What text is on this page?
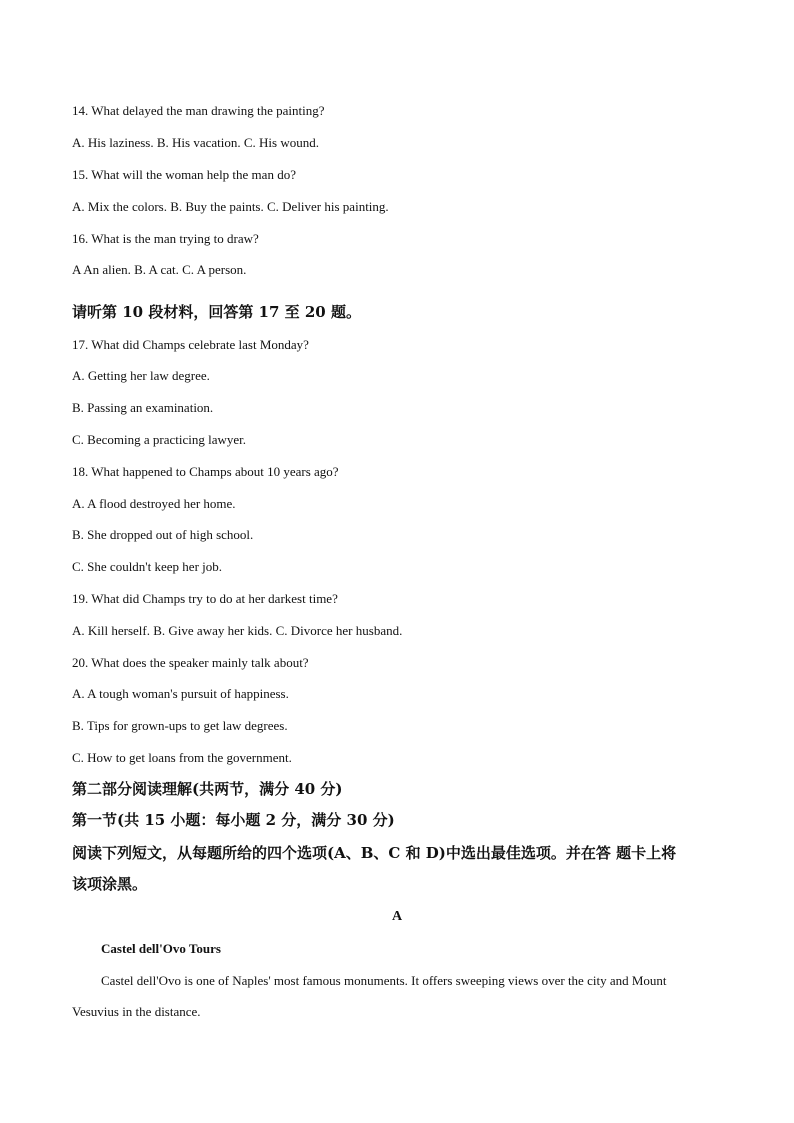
14. What delayed the man drawing the painting?
A. His laziness. B. His vacation. C. His wound.
15. What will the woman help the man do?
A. Mix the colors. B. Buy the paints. C. Deliver his painting.
16. What is the man trying to draw?
A An alien. B. A cat. C. A person.
请听第 10 段材料，回答第 17 至 20 题。
17. What did Champs celebrate last Monday?
A. Getting her law degree.
B. Passing an examination.
C. Becoming a practicing lawyer.
18. What happened to Champs about 10 years ago?
A. A flood destroyed her home.
B. She dropped out of high school.
C. She couldn't keep her job.
19. What did Champs try to do at her darkest time?
A. Kill herself. B. Give away her kids. C. Divorce her husband.
20. What does the speaker mainly talk about?
A. A tough woman's pursuit of happiness.
B. Tips for grown-ups to get law degrees.
C. How to get loans from the government.
第二部分阅读理解(共两节，满分 40 分)
第一节(共 15 小题：每小题 2 分，满分 30 分)
阅读下列短文，从每题所给的四个选项(A、B、C 和 D)中选出最佳选项。并在答 题卡上将
该项涂黑。
A
Castel dell'Ovo Tours
Castel dell'Ovo is one of Naples' most famous monuments. It offers sweeping views over the city and Mount
Vesuvius in the distance.
